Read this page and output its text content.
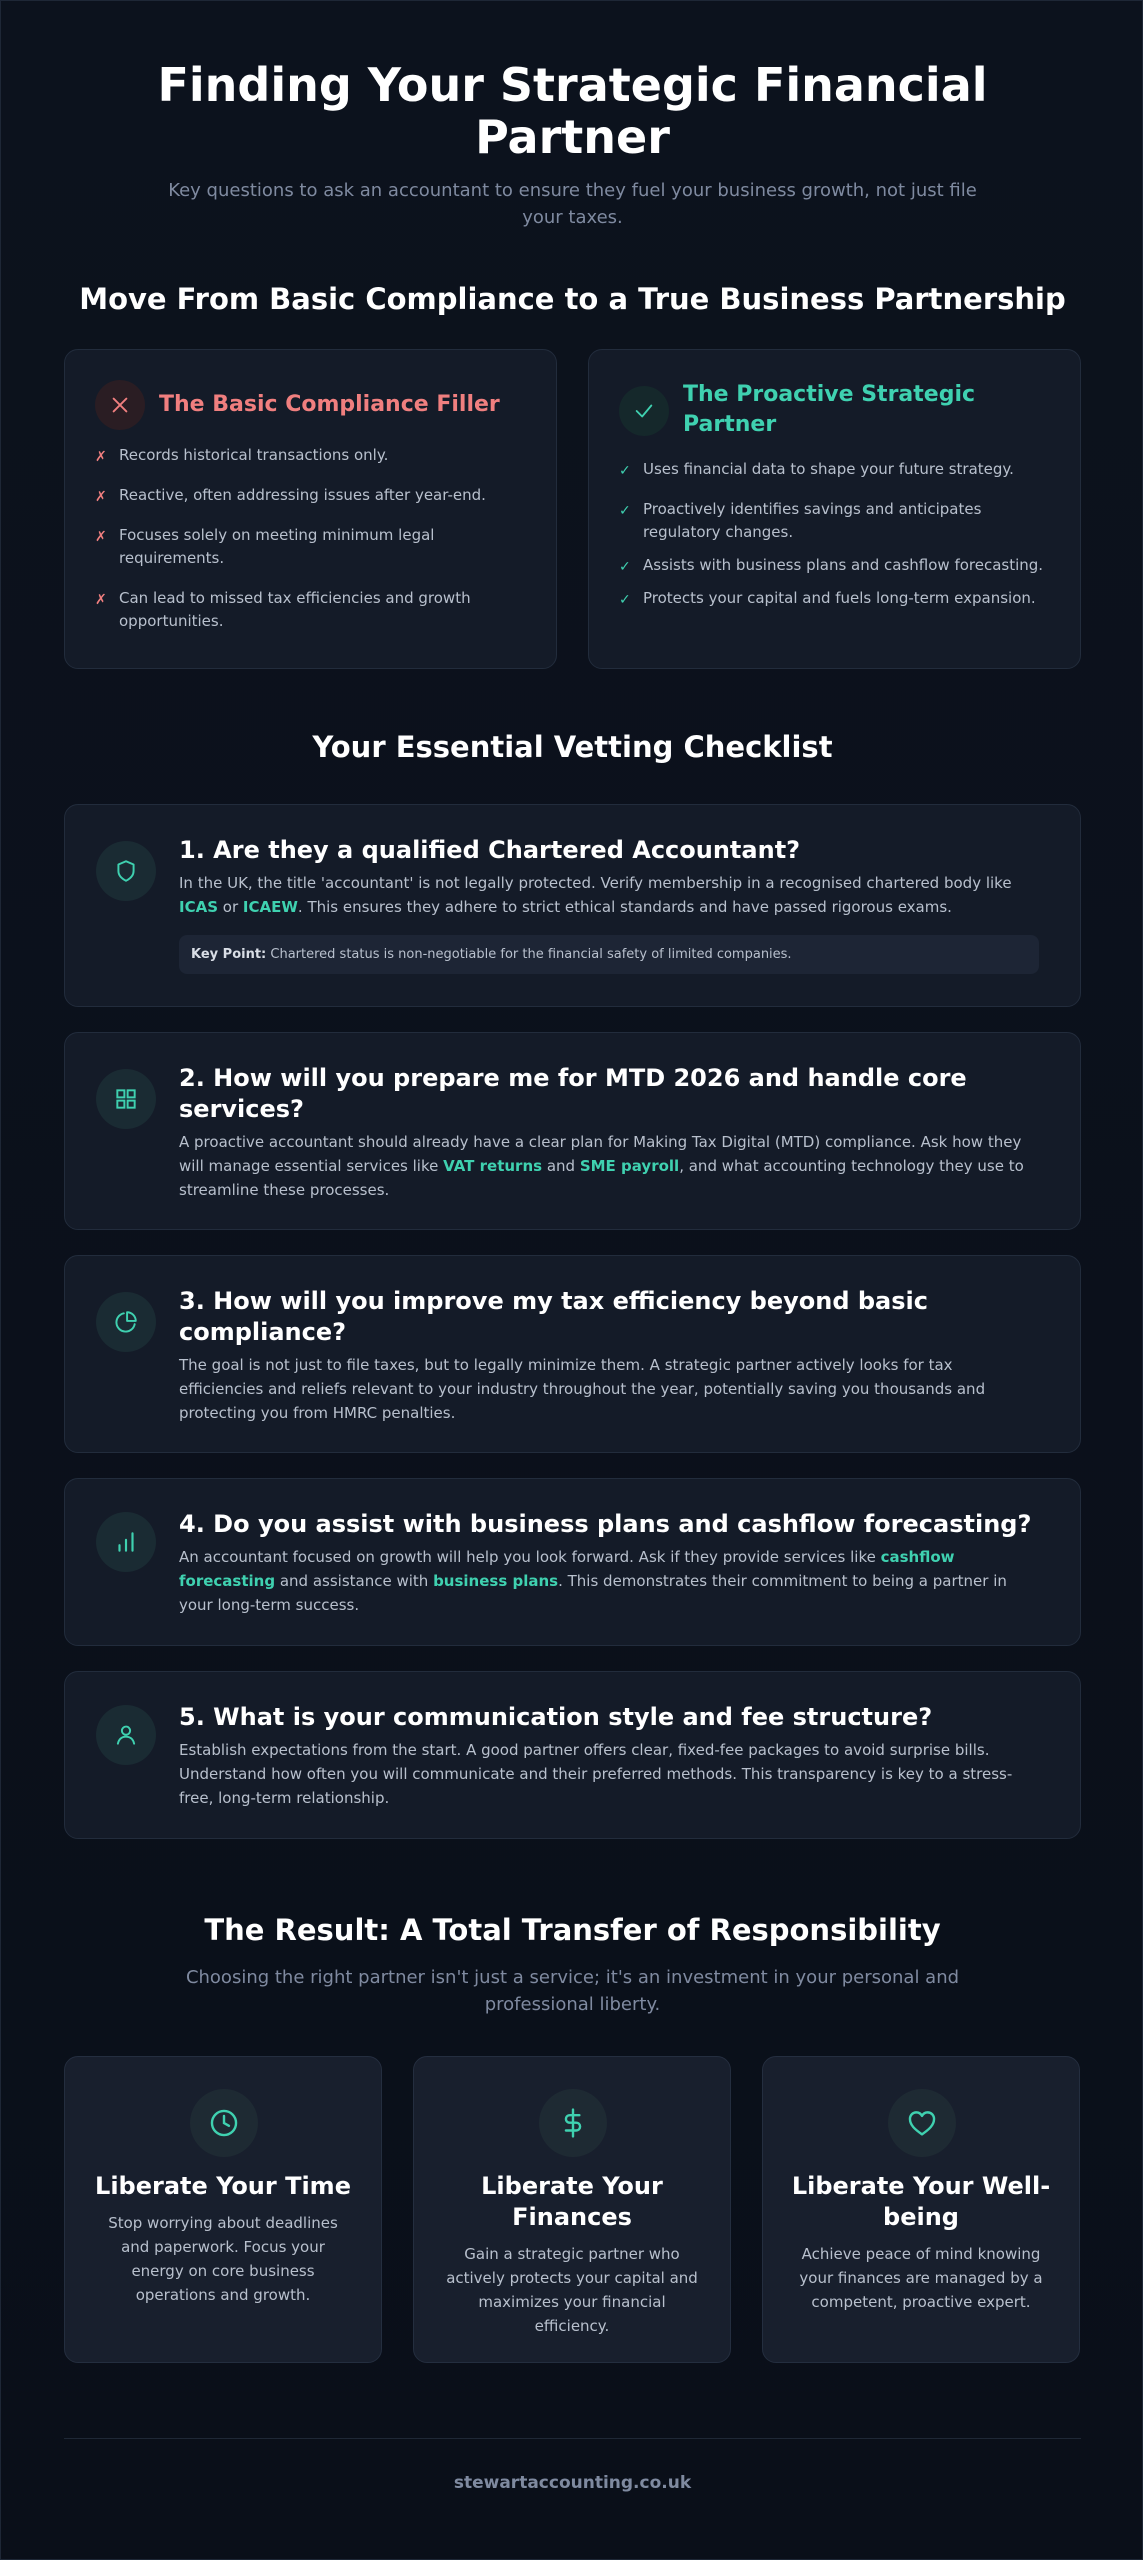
Finding Your Strategic Financial Partner

Key questions to ask an accountant to ensure they fuel your business growth, not just file your taxes.

Move From Basic Compliance to a True Business Partnership
The Basic Compliance Filler
✗ Records historical transactions only.
✗ Reactive, often addressing issues after year-end.
✗ Focuses solely on meeting minimum legal requirements.
✗ Can lead to missed tax efficiencies and growth opportunities.
The Proactive Strategic Partner
✓ Uses financial data to shape your future strategy.
✓ Proactively identifies savings and anticipates regulatory changes.
✓ Assists with business plans and cashflow forecasting.
✓ Protects your capital and fuels long-term expansion.
Your Essential Vetting Checklist
1. Are they a qualified Chartered Accountant?

In the UK, the title 'accountant' is not legally protected. Verify membership in a recognised chartered body like ICAS or ICAEW. This ensures they adhere to strict ethical standards and have passed rigorous exams.

Key Point: Chartered status is non-negotiable for the financial safety of limited companies.
2. How will you prepare me for MTD 2026 and handle core services?

A proactive accountant should already have a clear plan for Making Tax Digital (MTD) compliance. Ask how they will manage essential services like VAT returns and SME payroll, and what accounting technology they use to streamline these processes.

3. How will you improve my tax efficiency beyond basic compliance?

The goal is not just to file taxes, but to legally minimize them. A strategic partner actively looks for tax efficiencies and reliefs relevant to your industry throughout the year, potentially saving you thousands and protecting you from HMRC penalties.

4. Do you assist with business plans and cashflow forecasting?

An accountant focused on growth will help you look forward. Ask if they provide services like cashflow forecasting and assistance with business plans. This demonstrates their commitment to being a partner in your long-term success.

5. What is your communication style and fee structure?

Establish expectations from the start. A good partner offers clear, fixed-fee packages to avoid surprise bills. Understand how often you will communicate and their preferred methods. This transparency is key to a stress-free, long-term relationship.

The Result: A Total Transfer of Responsibility

Choosing the right partner isn't just a service; it's an investment in your personal and professional liberty.

Liberate Your Time

Stop worrying about deadlines and paperwork. Focus your energy on core business operations and growth.

Liberate Your Finances

Gain a strategic partner who actively protects your capital and maximizes your financial efficiency.

Liberate Your Well-being

Achieve peace of mind knowing your finances are managed by a competent, proactive expert.

stewartaccounting.co.uk
